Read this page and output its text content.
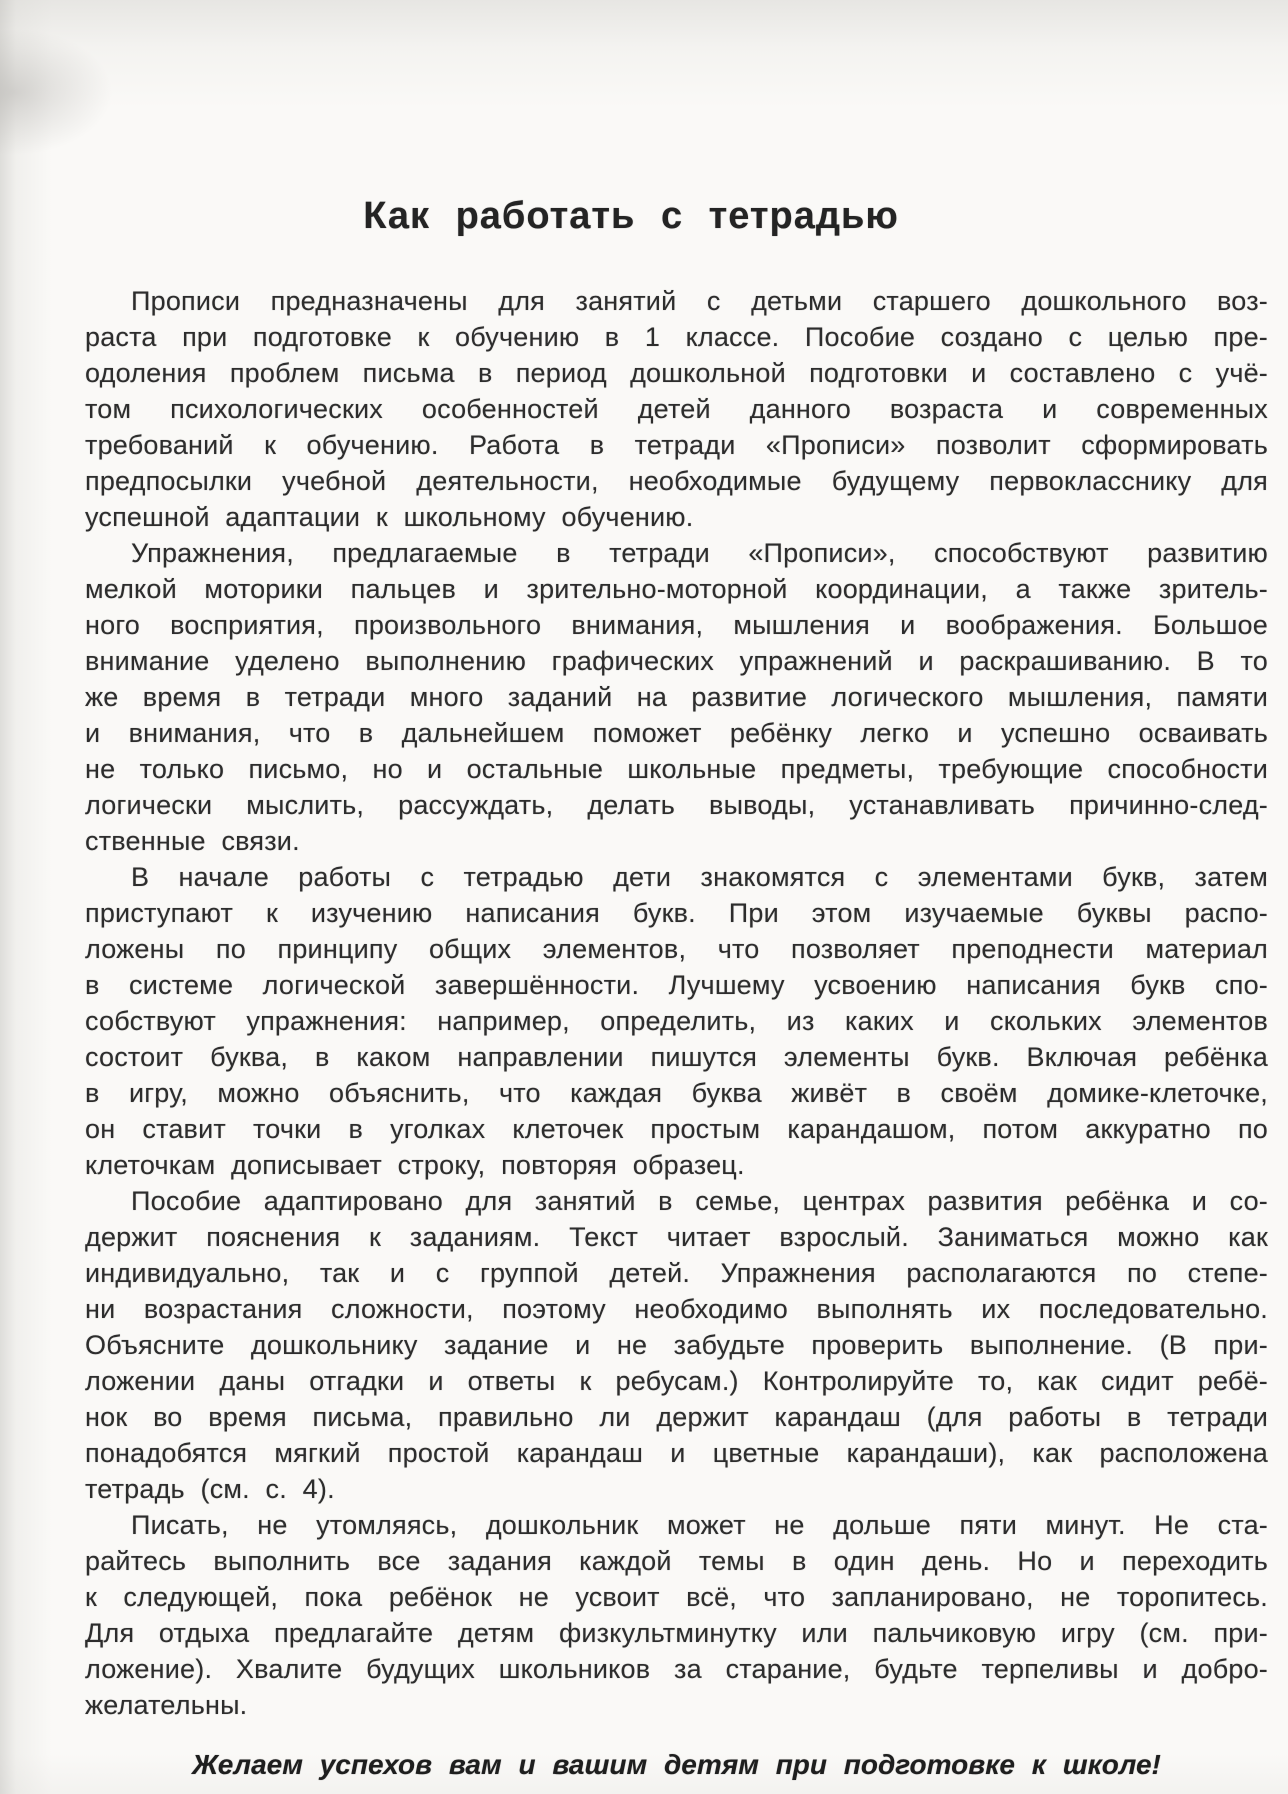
Как работать с тетрадью
Прописи предназначены для занятий с детьми старшего дошкольного воз-
раста при подготовке к обучению в 1 классе. Пособие создано с целью пре-
одоления проблем письма в период дошкольной подготовки и составлено с учё-
том психологических особенностей детей данного возраста и современных
требований к обучению. Работа в тетради «Прописи» позволит сформировать
предпосылки учебной деятельности, необходимые будущему первокласснику для
успешной адаптации к школьному обучению.
Упражнения, предлагаемые в тетради «Прописи», способствуют развитию
мелкой моторики пальцев и зрительно-моторной координации, а также зритель-
ного восприятия, произвольного внимания, мышления и воображения. Большое
внимание уделено выполнению графических упражнений и раскрашиванию. В то
же время в тетради много заданий на развитие логического мышления, памяти
и внимания, что в дальнейшем поможет ребёнку легко и успешно осваивать
не только письмо, но и остальные школьные предметы, требующие способности
логически мыслить, рассуждать, делать выводы, устанавливать причинно-след-
ственные связи.
В начале работы с тетрадью дети знакомятся с элементами букв, затем
приступают к изучению написания букв. При этом изучаемые буквы распо-
ложены по принципу общих элементов, что позволяет преподнести материал
в системе логической завершённости. Лучшему усвоению написания букв спо-
собствуют упражнения: например, определить, из каких и скольких элементов
состоит буква, в каком направлении пишутся элементы букв. Включая ребёнка
в игру, можно объяснить, что каждая буква живёт в своём домике-клеточке,
он ставит точки в уголках клеточек простым карандашом, потом аккуратно по
клеточкам дописывает строку, повторяя образец.
Пособие адаптировано для занятий в семье, центрах развития ребёнка и со-
держит пояснения к заданиям. Текст читает взрослый. Заниматься можно как
индивидуально, так и с группой детей. Упражнения располагаются по степе-
ни возрастания сложности, поэтому необходимо выполнять их последовательно.
Объясните дошкольнику задание и не забудьте проверить выполнение. (В при-
ложении даны отгадки и ответы к ребусам.) Контролируйте то, как сидит ребё-
нок во время письма, правильно ли держит карандаш (для работы в тетради
понадобятся мягкий простой карандаш и цветные карандаши), как расположена
тетрадь (см. с. 4).
Писать, не утомляясь, дошкольник может не дольше пяти минут. Не ста-
райтесь выполнить все задания каждой темы в один день. Но и переходить
к следующей, пока ребёнок не усвоит всё, что запланировано, не торопитесь.
Для отдыха предлагайте детям физкультминутку или пальчиковую игру (см. при-
ложение). Хвалите будущих школьников за старание, будьте терпеливы и добро-
желательны.
Желаем успехов вам и вашим детям при подготовке к школе!
